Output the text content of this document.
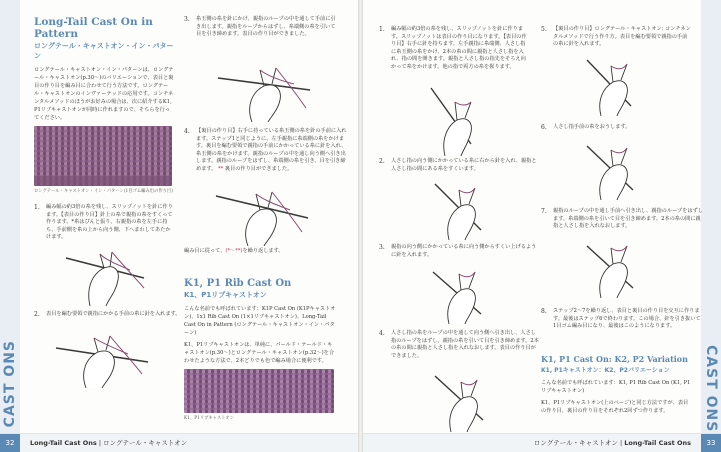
CAST ONS
Long-Tail Cast On in Pattern
ロングテール・キャストオン・イン・パターン

ロングテール・キャストオン・イン・パターンは、ロングテール・キャストオン(p.30〜)のバリエーションで、表目と裏目の作り目を編み目に合わせて行う方法です。ロングテール・キャストオンのインヴァーテッドの応用です。コンチネンタルメソッドのほうがお好みの場合は、次に紹介するK1, P1リブキャストオンが同時に作れますので、そちらを行ってください。

ロングテール・キャストオン・イン・パターン(1目ゴム編み出の作り目)
1. 編み幅の約3倍の糸を残し、スリップノットを針に作ります。【表目の作り目】針上の糸で親指の糸をすくって作ります。*糸はぴんと張り、右親指の糸を左手に持ち、手前側を糸の上から向う側、下へまわしてあたかけます。
2. 表目を編む要領で親指にかかる手前の糸に針を入れます。
3. 糸玉側の糸を針にかけ、親指のループの中を通して手前に引き出します。親指をループからはずし、糸端側の糸を引いて目を引き締めます。表目の作り目ができました。
4. 【裏目の作り目】右手に持っている糸玉側の糸を針の手前に入れます。ステップ1と同じように、左手親指に糸端側の糸をかけます。裏目を編む要領で親指の手前にかかっている糸に針を入れ、糸玉側の糸をかけます。親指のループの中を通し向う側へ引き出します。親指のループをはずし、糸端側の糸を引き、目を引き締めます。 ** 裏目の作り目ができました。
編み目に従って、(*〜**)を繰り返します。
K1, P1 Rib Cast On
K1、P1リブキャストオン

こんな名前でも呼ばれています：K1P Cast On (K1Pキャストオン)、1x1 Rib Cast On (1×1リブキャストオン)、Long-Tail Cast On in Pattern (ロングテール・キャストオン・イン・パターン)

K1、P1リブキャストオンは、単純に、パールド・テールド・キャストオン(p.30〜)とロングテール・キャストオン(p.32〜)を合わせたような方法で、2本どりでも色で編み場合に便利です。

K1、P1リブキャストオン
32	Long-Tail Cast Ons | ロングテール・キャストオン
CAST ONS
1. 編み幅の約3倍の糸を残し、スリップノットを針に作ります。スリップノットは表目の作り目になります。【表目の作り目】右手に針を持ちます。左手親指に糸端側、人さし指に糸玉側の糸をかけ、2本の糸の間に親指と人さし指を入れ、指の間を開きます。親指と人さし指の指先をそろえ向かって糸をかけます。他の指で両方の糸を握ります。
2. 人さし指の向う側にかかっている糸に右から針を入れ、親指と人さし指の間にある糸をすくいます。
3. 親指の向う側にかかっている糸に向う側からすくい上げるように針を入れます。
4. 人さし指の糸をループの中を通して向う側へ引き出し、人さし指のループをはずし、親指の糸を引いて目を引き締めます。2本の糸の間に親指と人さし指を入れなおします。表目の作り目ができました。
5. 【裏目の作り目】ロングテール・キャストオン: コンチネンタルメソッドで行う作り方。表目を編む要領で親指の手前の糸に針を入れます。
6. 人さし指手前の糸をおうします。
7. 親指のループの中を通し手前へ引き出し、親指のループをはずします。糸端側の糸を引いて目を引き締めます。2本の糸の間に親指と人さし指を入れなおします。
8. ステップ2〜7を繰り返し、表目と裏目の作り目を交互に作ります。最後はステップ6で終わります。この場合、針を引き抜いて1目ゴム編み目になり、最後はこのようになります。
K1, P1 Cast On: K2, P2 Variation
K1, P1キャストオン：K2、P2バリエーション

こんな名前でも呼ばれています：K1, P1 Rib Cast On (K1, P1リブキャストオン)

K1、P1リブキャストオン(上のページ)と同じ方法ですが、表目の作り目、裏目の作り目をそれぞれ2回ずつ作ります。

ロングテール・キャストオン | Long-Tail Cast Ons	33
